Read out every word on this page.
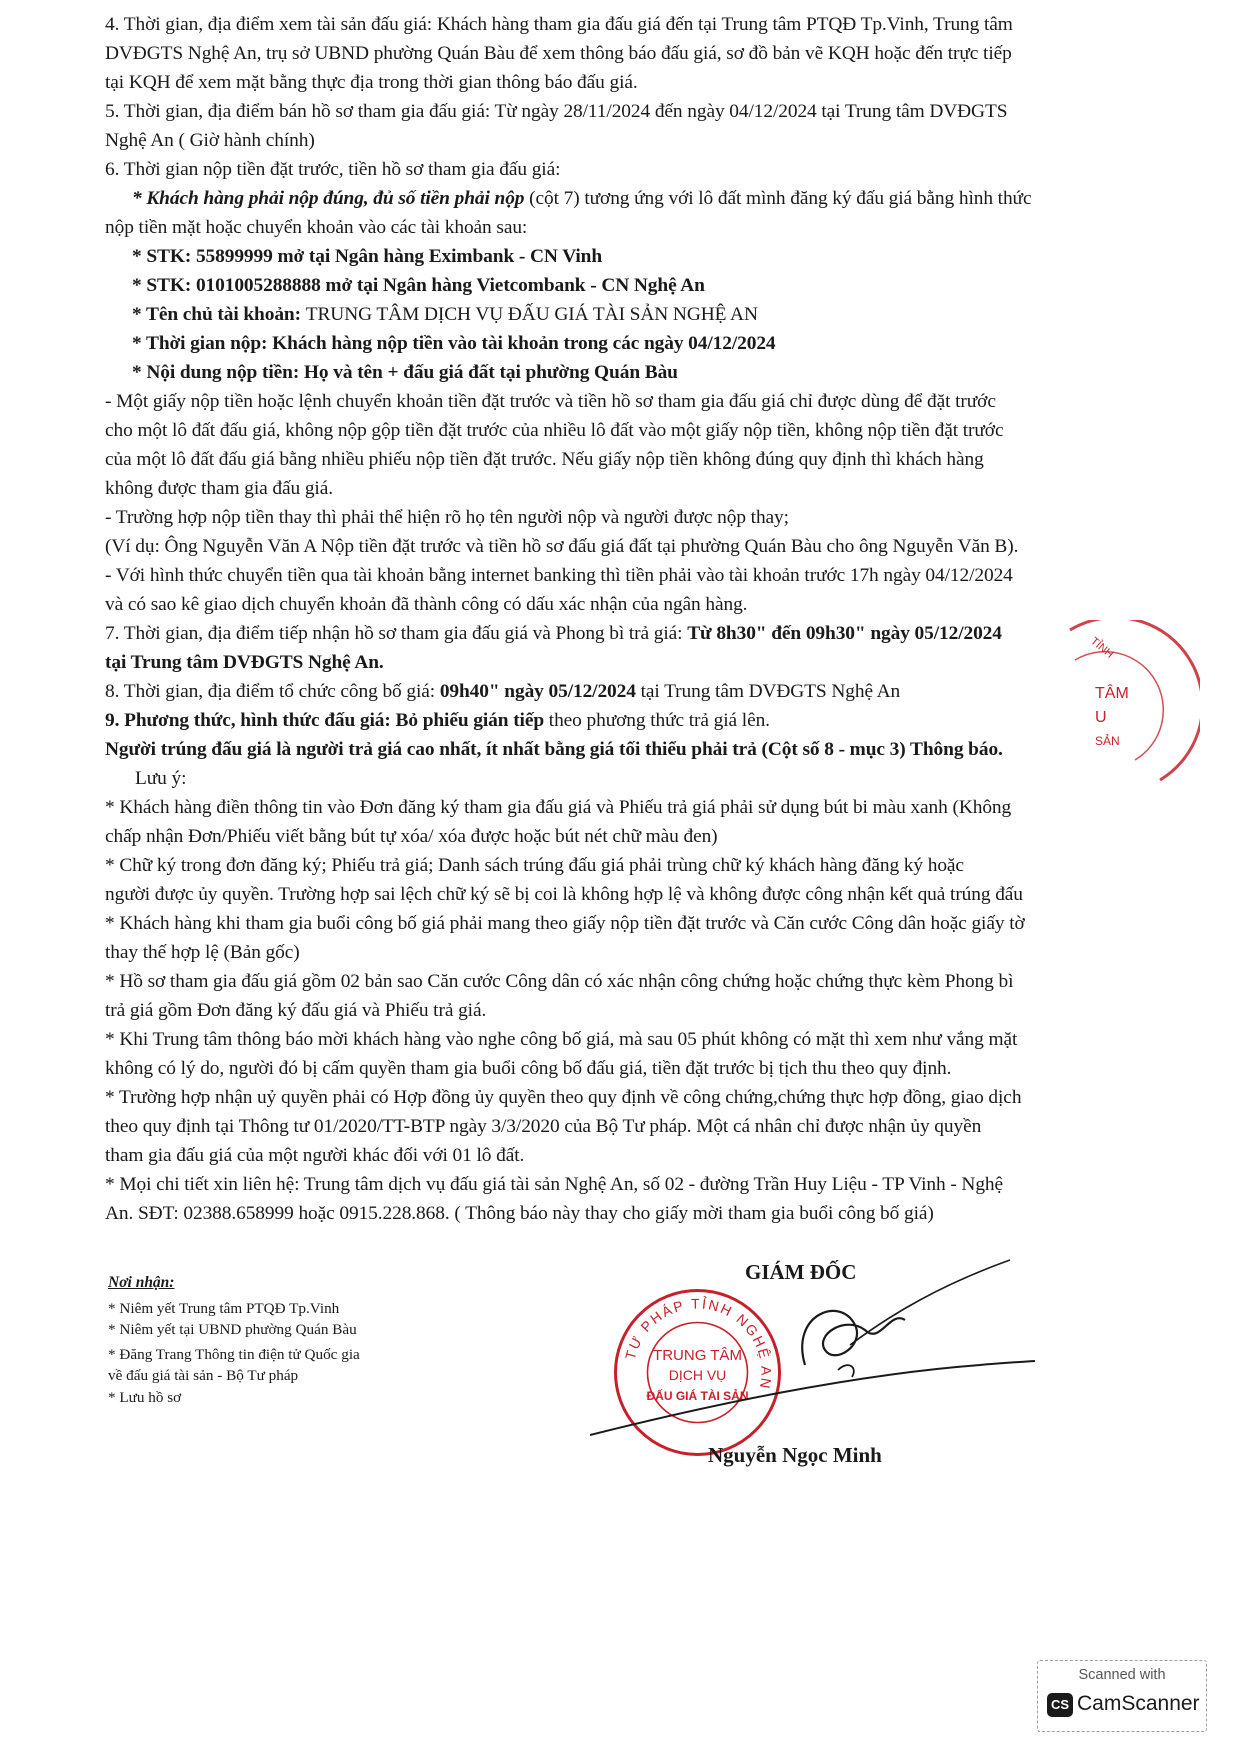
4. Thời gian, địa điểm xem tài sản đấu giá: Khách hàng tham gia đấu giá đến tại Trung tâm PTQĐ Tp.Vinh, Trung tâm
DVĐGTS Nghệ An, trụ sở UBND phường Quán Bàu để xem thông báo đấu giá, sơ đồ bản vẽ KQH hoặc đến trực tiếp
tại KQH để xem mặt bằng thực địa trong thời gian thông báo đấu giá.
5. Thời gian, địa điểm bán hồ sơ tham gia đấu giá: Từ ngày 28/11/2024 đến ngày 04/12/2024 tại Trung tâm DVĐGTS
Nghệ An ( Giờ hành chính)
6. Thời gian nộp tiền đặt trước, tiền hồ sơ tham gia đấu giá:
* Khách hàng phải nộp đúng, đủ số tiền phải nộp (cột 7) tương ứng với lô đất mình đăng ký đấu giá bằng hình thức
nộp tiền mặt hoặc chuyển khoản vào các tài khoản sau:
* STK: 55899999 mở tại Ngân hàng Eximbank - CN Vinh
* STK: 0101005288888 mở tại Ngân hàng Vietcombank - CN Nghệ An
* Tên chủ tài khoản: TRUNG TÂM DỊCH VỤ ĐẤU GIÁ TÀI SẢN NGHỆ AN
* Thời gian nộp: Khách hàng nộp tiền vào tài khoản trong các ngày 04/12/2024
* Nội dung nộp tiền: Họ và tên + đấu giá đất tại phường Quán Bàu
- Một giấy nộp tiền hoặc lệnh chuyển khoản tiền đặt trước và tiền hồ sơ tham gia đấu giá chỉ được dùng để đặt trước
cho một lô đất đấu giá, không nộp gộp tiền đặt trước của nhiều lô đất vào một giấy nộp tiền, không nộp tiền đặt trước
của một lô đất đấu giá bằng nhiều phiếu nộp tiền đặt trước. Nếu giấy nộp tiền không đúng quy định thì khách hàng
không được tham gia đấu giá.
- Trường hợp nộp tiền thay thì phải thể hiện rõ họ tên người nộp và người được nộp thay;
(Ví dụ: Ông Nguyễn Văn A Nộp tiền đặt trước và tiền hồ sơ đấu giá đất tại phường Quán Bàu cho ông Nguyễn Văn B).
- Với hình thức chuyển tiền qua tài khoản bằng internet banking thì tiền phải vào tài khoản trước 17h ngày 04/12/2024
và có sao kê giao dịch chuyển khoản đã thành công có dấu xác nhận của ngân hàng.
7. Thời gian, địa điểm tiếp nhận hồ sơ tham gia đấu giá và Phong bì trả giá: Từ 8h30" đến 09h30" ngày 05/12/2024
tại Trung tâm DVĐGTS Nghệ An.
8. Thời gian, địa điểm tổ chức công bố giá: 09h40" ngày 05/12/2024 tại Trung tâm DVĐGTS Nghệ An
9. Phương thức, hình thức đấu giá: Bỏ phiếu gián tiếp theo phương thức trả giá lên.
Người trúng đấu giá là người trả giá cao nhất, ít nhất bằng giá tối thiểu phải trả (Cột số 8 - mục 3) Thông báo.
Lưu ý:
* Khách hàng điền thông tin vào Đơn đăng ký tham gia đấu giá và Phiếu trả giá phải sử dụng bút bi màu xanh (Không
chấp nhận Đơn/Phiếu viết bằng bút tự xóa/ xóa được hoặc bút nét chữ màu đen)
* Chữ ký trong đơn đăng ký; Phiếu trả giá; Danh sách trúng đấu giá phải trùng chữ ký khách hàng đăng ký hoặc
người được ủy quyền. Trường hợp sai lệch chữ ký sẽ bị coi là không hợp lệ và không được công nhận kết quả trúng đấu
* Khách hàng khi tham gia buổi công bố giá phải mang theo giấy nộp tiền đặt trước và Căn cước Công dân hoặc giấy tờ
thay thế hợp lệ (Bản gốc)
* Hồ sơ tham gia đấu giá gồm 02 bản sao Căn cước Công dân có xác nhận công chứng hoặc chứng thực kèm Phong bì
trả giá gồm Đơn đăng ký đấu giá và Phiếu trả giá.
* Khi Trung tâm thông báo mời khách hàng vào nghe công bố giá, mà sau 05 phút không có mặt thì xem như vắng mặt
không có lý do, người đó bị cấm quyền tham gia buổi công bố đấu giá, tiền đặt trước bị tịch thu theo quy định.
* Trường hợp nhận uỷ quyền phải có Hợp đồng ủy quyền theo quy định về công chứng,chứng thực hợp đồng, giao dịch
theo quy định tại Thông tư 01/2020/TT-BTP ngày 3/3/2020 của Bộ Tư pháp. Một cá nhân chỉ được nhận ủy quyền
tham gia đấu giá của một người khác đối với 01 lô đất.
* Mọi chi tiết xin liên hệ: Trung tâm dịch vụ đấu giá tài sản Nghệ An, số 02 - đường Trần Huy Liệu - TP Vinh - Nghệ
An. SĐT: 02388.658999 hoặc 0915.228.868. ( Thông báo này thay cho giấy mời tham gia buổi công bố giá)
Nơi nhận:
* Niêm yết Trung tâm PTQĐ Tp.Vinh
* Niêm yết tại UBND phường Quán Bàu
* Đăng Trang Thông tin điện tử Quốc gia
về đấu giá tài sản - Bộ Tư pháp
* Lưu hồ sơ
TƯ PHÁP TỈNH NGHỆ AN
TRUNG TÂM
DỊCH VỤ
ĐẤU GIÁ TÀI SẢN
TỈNH
TÂM
U
SẢN
GIÁM ĐỐC
Nguyễn Ngọc Minh
Scanned with
CS CamScanner
